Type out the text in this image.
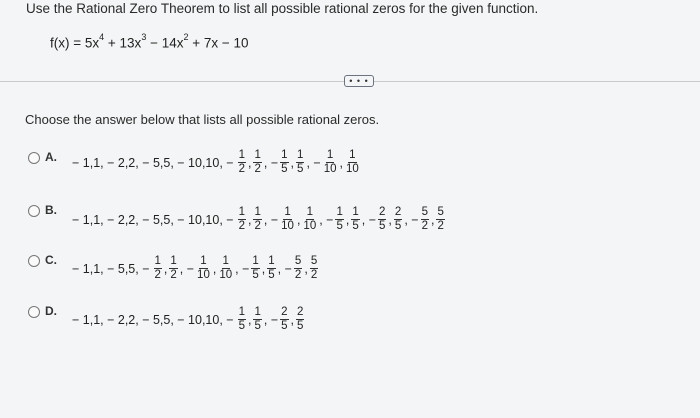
Use the Rational Zero Theorem to list all possible rational zeros for the given function.
$f(x) = 5x^4 + 13x^3 - 14x^2 + 7x - 10$
• • •
Choose the answer below that lists all possible rational zeros.
A. − 1,1, − 2,2, − 5,5, − 10,10, − $\frac{1}{2}$ , $\frac{1}{2}$ , − $\frac{1}{5}$ , $\frac{1}{5}$ , − $\frac{1}{10}$ , $\frac{1}{10}$
B.
− 1,1, − 2,2, − 5,5, − 10,10, − $\frac{1}{2}$ , $\frac{1}{2}$ , − $\frac{1}{10}$ , $\frac{1}{10}$ , − $\frac{1}{5}$ , $\frac{1}{5}$ , − $\frac{2}{5}$ , $\frac{2}{5}$ , − $\frac{5}{2}$ , $\frac{5}{2}$
C.
− 1,1, − 5,5, − $\frac{1}{2}$ , $\frac{1}{2}$ , − $\frac{1}{10}$ , $\frac{1}{10}$ , − $\frac{1}{5}$ , $\frac{1}{5}$ , − $\frac{5}{2}$ , $\frac{5}{2}$
D.
− 1,1, − 2,2, − 5,5, − 10,10, − $\frac{1}{5}$ , $\frac{1}{5}$ , − $\frac{2}{5}$ , $\frac{2}{5}$
